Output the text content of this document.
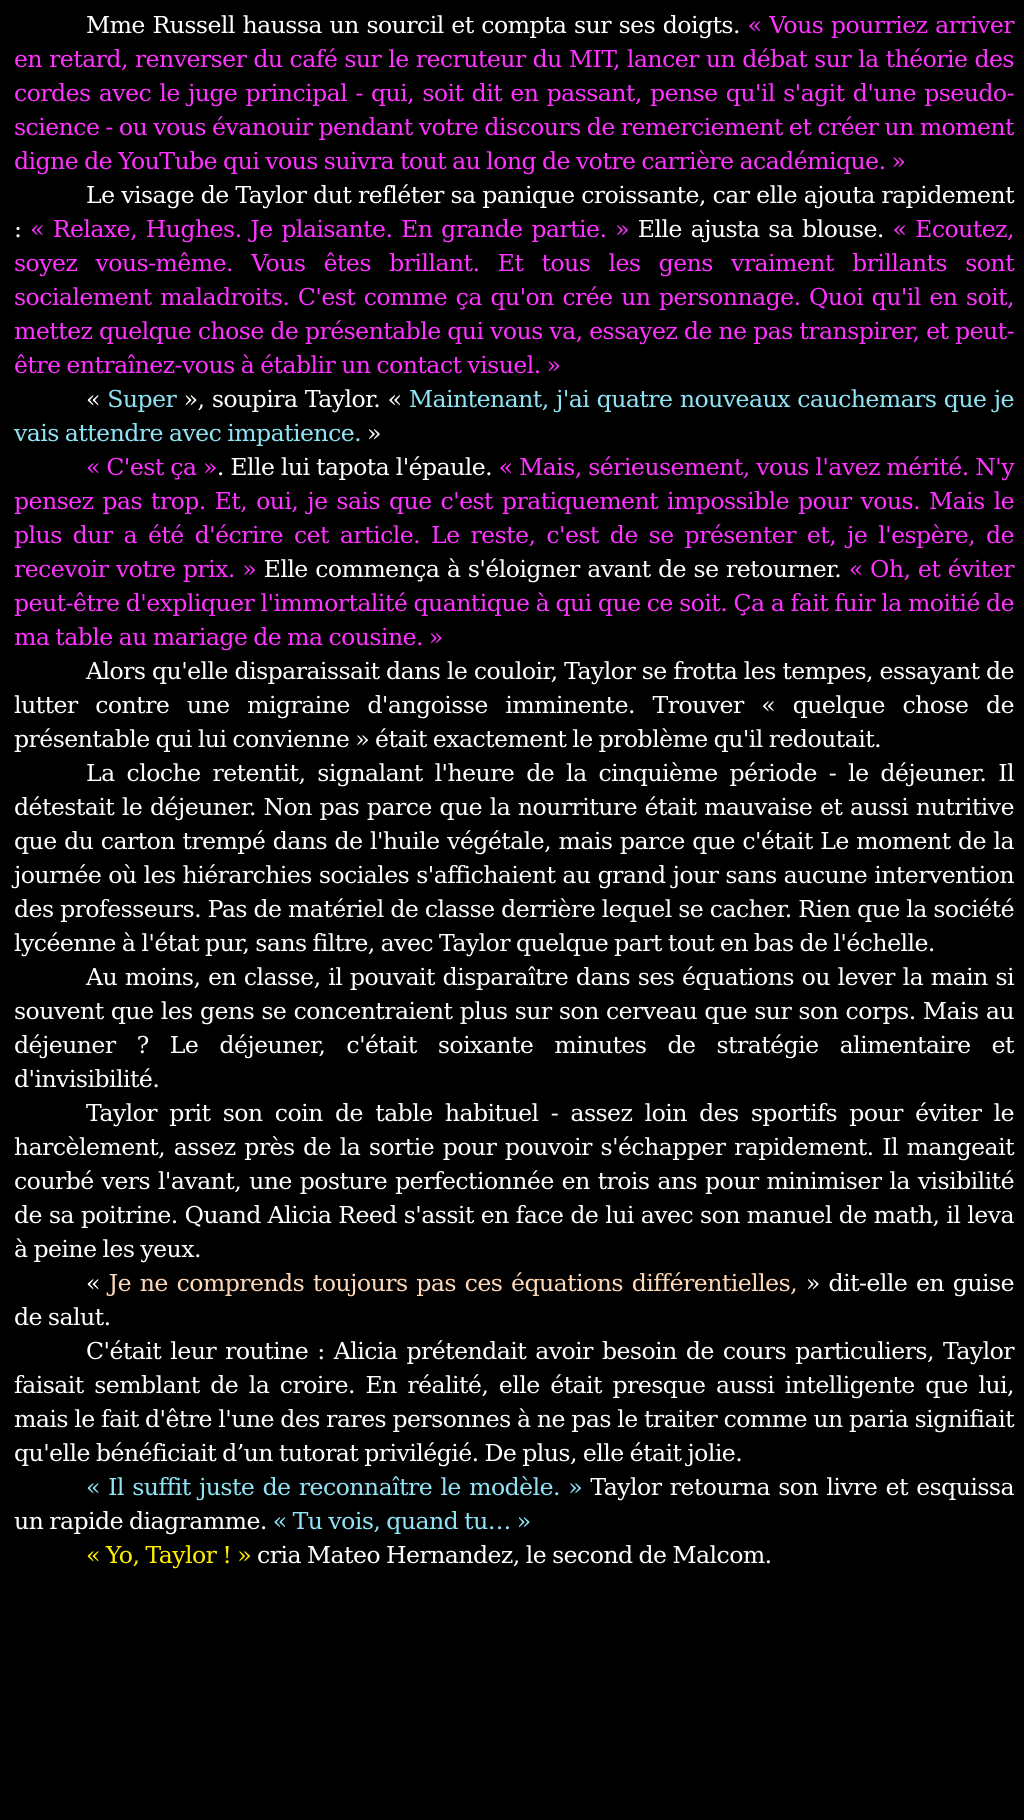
Mme Russell haussa un sourcil et compta sur ses doigts. « Vous pourriez arriver en retard, renverser du café sur le recruteur du MIT, lancer un débat sur la théorie des cordes avec le juge principal - qui, soit dit en passant, pense qu'il s'agit d'une pseudo-science - ou vous évanouir pendant votre discours de remerciement et créer un moment digne de YouTube qui vous suivra tout au long de votre carrière académique. »

Le visage de Taylor dut refléter sa panique croissante, car elle ajouta rapidement : « Relaxe, Hughes. Je plaisante. En grande partie. » Elle ajusta sa blouse. « Ecoutez, soyez vous-même. Vous êtes brillant. Et tous les gens vraiment brillants sont socialement maladroits. C'est comme ça qu'on crée un personnage. Quoi qu'il en soit, mettez quelque chose de présentable qui vous va, essayez de ne pas transpirer, et peut-être entraînez-vous à établir un contact visuel. »

« Super », soupira Taylor. « Maintenant, j'ai quatre nouveaux cauchemars que je vais attendre avec impatience. »

« C'est ça ». Elle lui tapota l'épaule. « Mais, sérieusement, vous l'avez mérité. N'y pensez pas trop. Et, oui, je sais que c'est pratiquement impossible pour vous. Mais le plus dur a été d'écrire cet article. Le reste, c'est de se présenter et, je l'espère, de recevoir votre prix. » Elle commença à s'éloigner avant de se retourner. « Oh, et éviter peut-être d'expliquer l'immortalité quantique à qui que ce soit. Ça a fait fuir la moitié de ma table au mariage de ma cousine. »

Alors qu'elle disparaissait dans le couloir, Taylor se frotta les tempes, essayant de lutter contre une migraine d'angoisse imminente. Trouver « quelque chose de présentable qui lui convienne » était exactement le problème qu'il redoutait.

La cloche retentit, signalant l'heure de la cinquième période - le déjeuner. Il détestait le déjeuner. Non pas parce que la nourriture était mauvaise et aussi nutritive que du carton trempé dans de l'huile végétale, mais parce que c'était Le moment de la journée où les hiérarchies sociales s'affichaient au grand jour sans aucune intervention des professeurs. Pas de matériel de classe derrière lequel se cacher. Rien que la société lycéenne à l'état pur, sans filtre, avec Taylor quelque part tout en bas de l'échelle.

Au moins, en classe, il pouvait disparaître dans ses équations ou lever la main si souvent que les gens se concentraient plus sur son cerveau que sur son corps. Mais au déjeuner ? Le déjeuner, c'était soixante minutes de stratégie alimentaire et d'invisibilité.

Taylor prit son coin de table habituel - assez loin des sportifs pour éviter le harcèlement, assez près de la sortie pour pouvoir s'échapper rapidement. Il mangeait courbé vers l'avant, une posture perfectionnée en trois ans pour minimiser la visibilité de sa poitrine. Quand Alicia Reed s'assit en face de lui avec son manuel de math, il leva à peine les yeux.

« Je ne comprends toujours pas ces équations différentielles, » dit-elle en guise de salut.

C'était leur routine : Alicia prétendait avoir besoin de cours particuliers, Taylor faisait semblant de la croire. En réalité, elle était presque aussi intelligente que lui, mais le fait d'être l'une des rares personnes à ne pas le traiter comme un paria signifiait qu'elle bénéficiait d’un tutorat privilégié. De plus, elle était jolie.

« Il suffit juste de reconnaître le modèle. » Taylor retourna son livre et esquissa un rapide diagramme. « Tu vois, quand tu… »

« Yo, Taylor ! » cria Mateo Hernandez, le second de Malcom.
